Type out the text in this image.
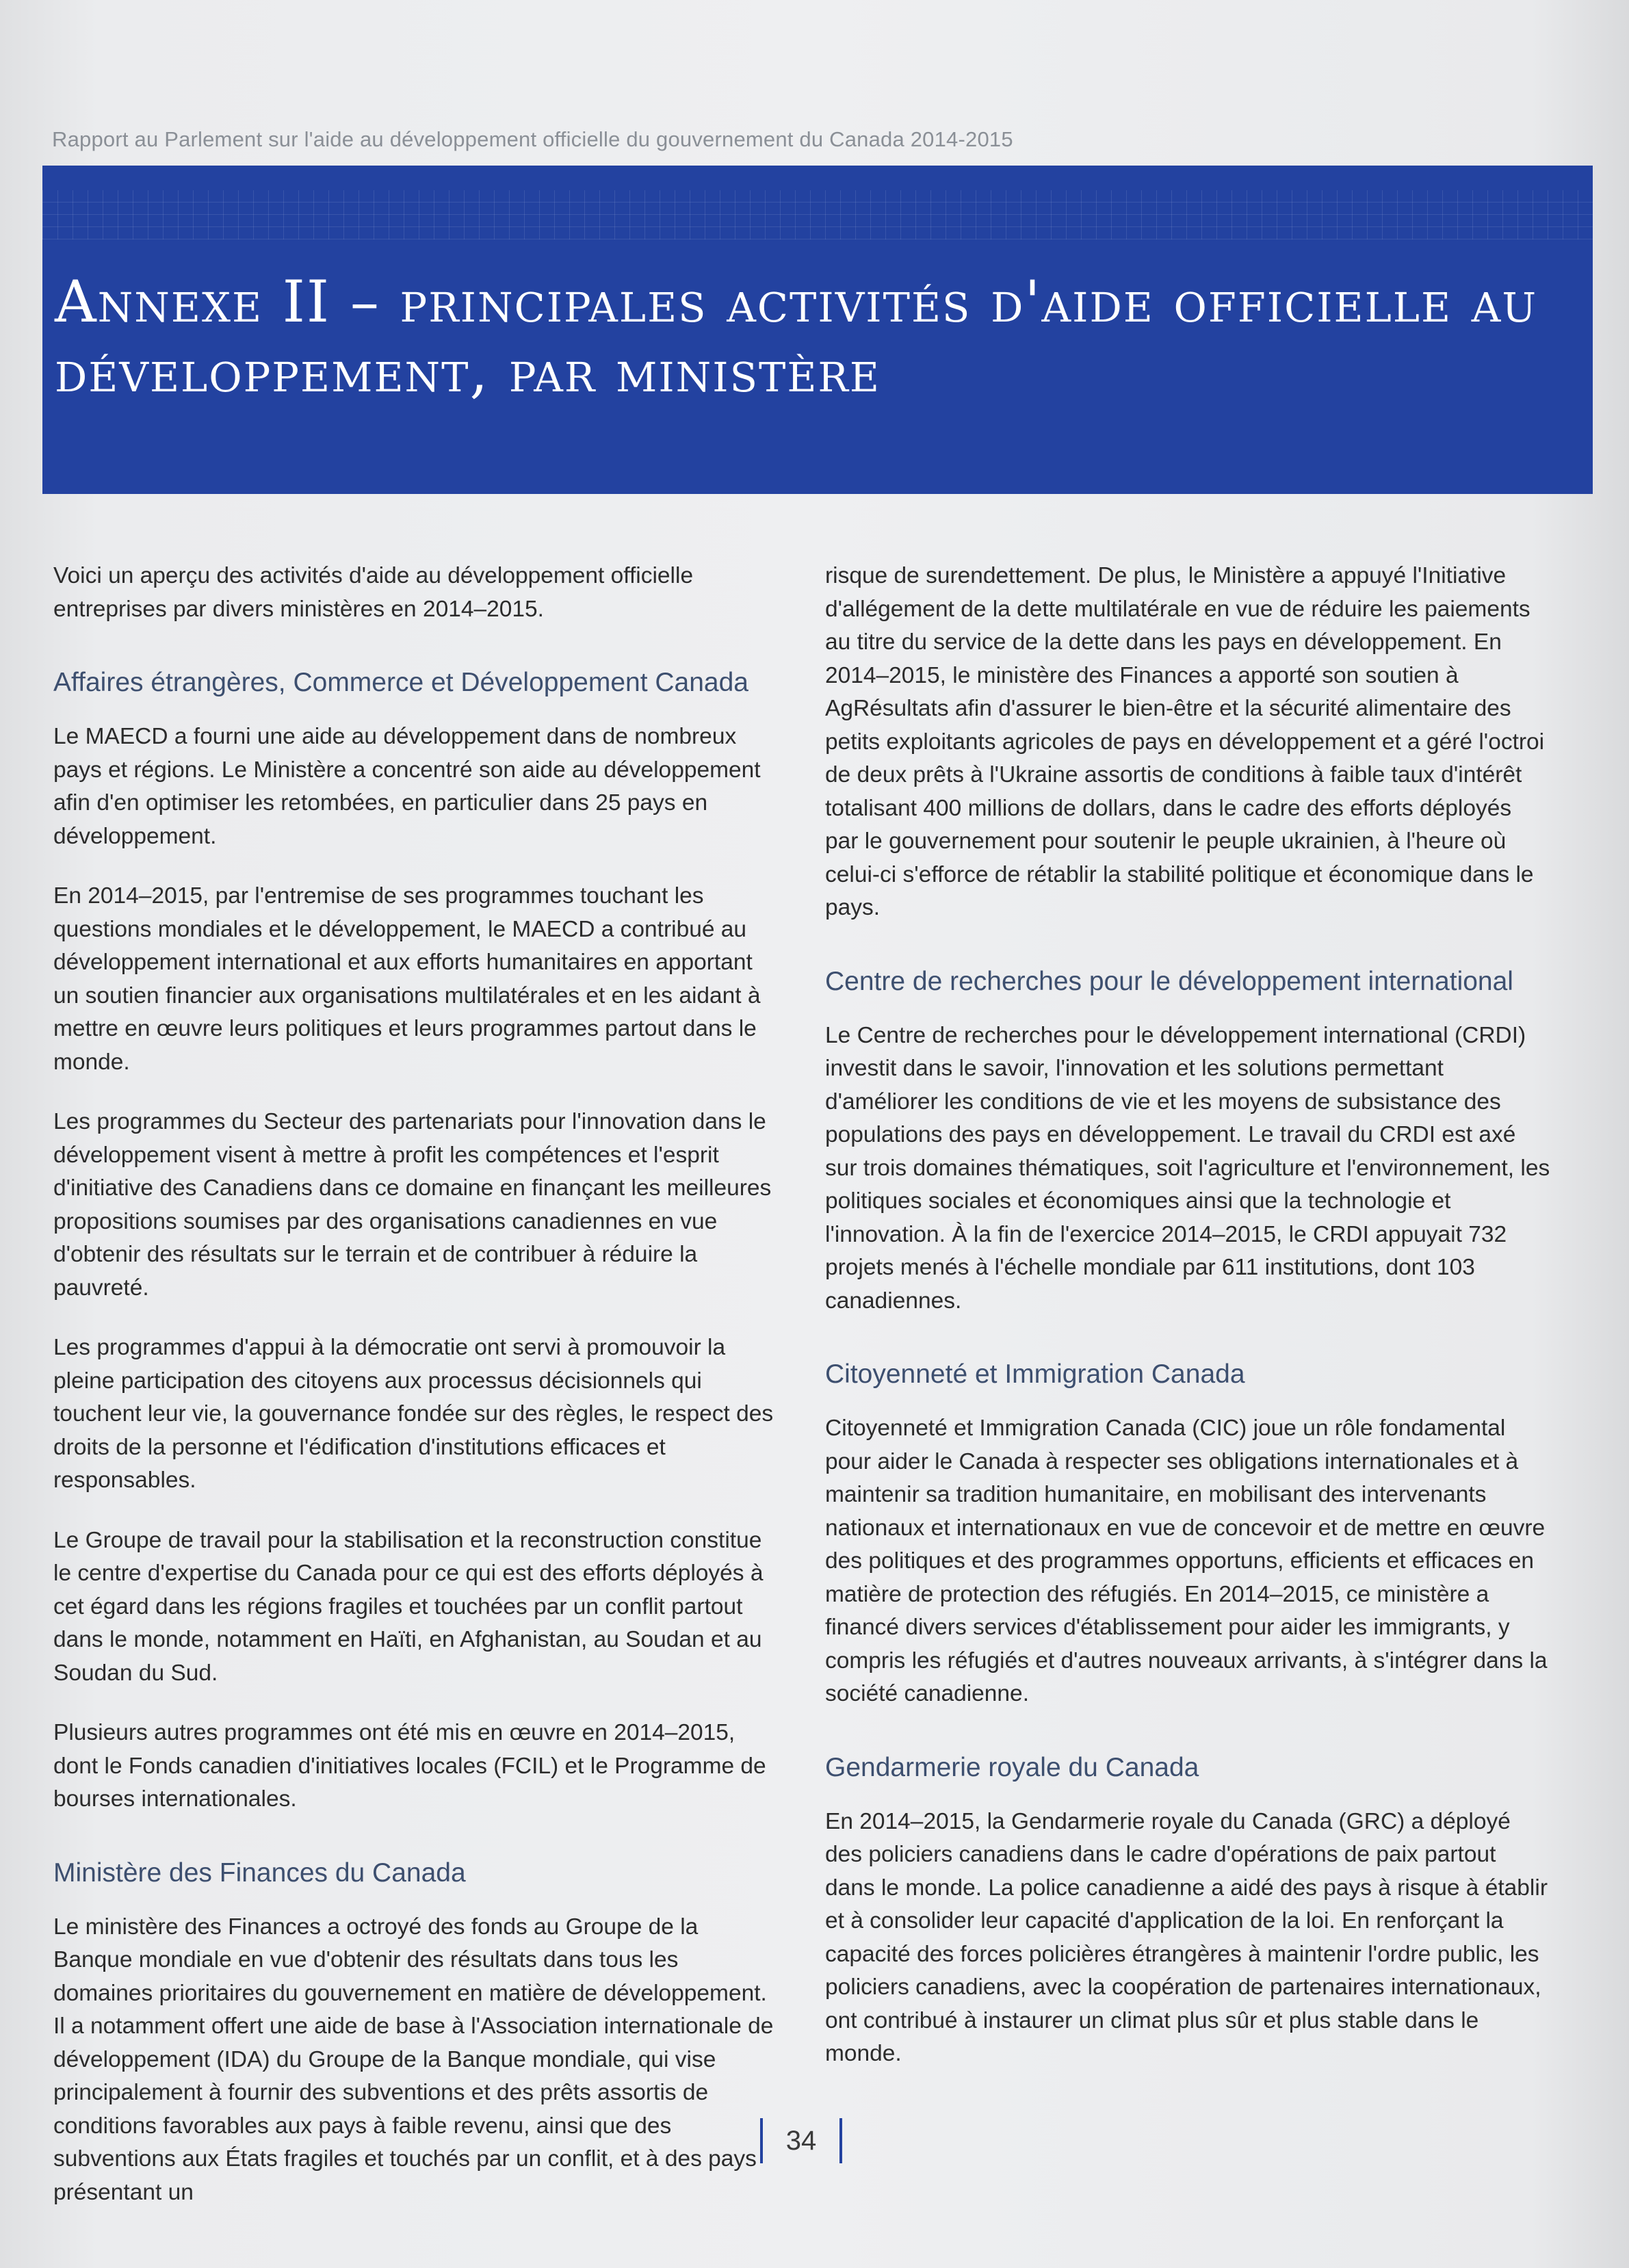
Rapport au Parlement sur l'aide au développement officielle du gouvernement du Canada 2014-2015
Annexe II – principales activités d'aide officielle au développement, par ministère

Voici un aperçu des activités d'aide au développement officielle entreprises par divers ministères en 2014–2015.

Affaires étrangères, Commerce et Développement Canada

Le MAECD a fourni une aide au développement dans de nombreux pays et régions. Le Ministère a concentré son aide au développement afin d'en optimiser les retombées, en particulier dans 25 pays en développement.

En 2014–2015, par l'entremise de ses programmes touchant les questions mondiales et le développement, le MAECD a contribué au développement international et aux efforts humanitaires en apportant un soutien financier aux organisations multilatérales et en les aidant à mettre en œuvre leurs politiques et leurs programmes partout dans le monde.

Les programmes du Secteur des partenariats pour l'innovation dans le développement visent à mettre à profit les compétences et l'esprit d'initiative des Canadiens dans ce domaine en finançant les meilleures propositions soumises par des organisations canadiennes en vue d'obtenir des résultats sur le terrain et de contribuer à réduire la pauvreté.

Les programmes d'appui à la démocratie ont servi à promouvoir la pleine participation des citoyens aux processus décisionnels qui touchent leur vie, la gouvernance fondée sur des règles, le respect des droits de la personne et l'édification d'institutions efficaces et responsables.

Le Groupe de travail pour la stabilisation et la reconstruction constitue le centre d'expertise du Canada pour ce qui est des efforts déployés à cet égard dans les régions fragiles et touchées par un conflit partout dans le monde, notamment en Haïti, en Afghanistan, au Soudan et au Soudan du Sud.

Plusieurs autres programmes ont été mis en œuvre en 2014–2015, dont le Fonds canadien d'initiatives locales (FCIL) et le Programme de bourses internationales.

Ministère des Finances du Canada

Le ministère des Finances a octroyé des fonds au Groupe de la Banque mondiale en vue d'obtenir des résultats dans tous les domaines prioritaires du gouvernement en matière de développement. Il a notamment offert une aide de base à l'Association internationale de développement (IDA) du Groupe de la Banque mondiale, qui vise principalement à fournir des subventions et des prêts assortis de conditions favorables aux pays à faible revenu, ainsi que des subventions aux États fragiles et touchés par un conflit, et à des pays présentant un

risque de surendettement. De plus, le Ministère a appuyé l'Initiative d'allégement de la dette multilatérale en vue de réduire les paiements au titre du service de la dette dans les pays en développement. En 2014–2015, le ministère des Finances a apporté son soutien à AgRésultats afin d'assurer le bien-être et la sécurité alimentaire des petits exploitants agricoles de pays en développement et a géré l'octroi de deux prêts à l'Ukraine assortis de conditions à faible taux d'intérêt totalisant 400 millions de dollars, dans le cadre des efforts déployés par le gouvernement pour soutenir le peuple ukrainien, à l'heure où celui-ci s'efforce de rétablir la stabilité politique et économique dans le pays.

Centre de recherches pour le développement international

Le Centre de recherches pour le développement international (CRDI) investit dans le savoir, l'innovation et les solutions permettant d'améliorer les conditions de vie et les moyens de subsistance des populations des pays en développement. Le travail du CRDI est axé sur trois domaines thématiques, soit l'agriculture et l'environnement, les politiques sociales et économiques ainsi que la technologie et l'innovation. À la fin de l'exercice 2014–2015, le CRDI appuyait 732 projets menés à l'échelle mondiale par 611 institutions, dont 103 canadiennes.

Citoyenneté et Immigration Canada

Citoyenneté et Immigration Canada (CIC) joue un rôle fondamental pour aider le Canada à respecter ses obligations internationales et à maintenir sa tradition humanitaire, en mobilisant des intervenants nationaux et internationaux en vue de concevoir et de mettre en œuvre des politiques et des programmes opportuns, efficients et efficaces en matière de protection des réfugiés. En 2014–2015, ce ministère a financé divers services d'établissement pour aider les immigrants, y compris les réfugiés et d'autres nouveaux arrivants, à s'intégrer dans la société canadienne.

Gendarmerie royale du Canada

En 2014–2015, la Gendarmerie royale du Canada (GRC) a déployé des policiers canadiens dans le cadre d'opérations de paix partout dans le monde. La police canadienne a aidé des pays à risque à établir et à consolider leur capacité d'application de la loi. En renforçant la capacité des forces policières étrangères à maintenir l'ordre public, les policiers canadiens, avec la coopération de partenaires internationaux, ont contribué à instaurer un climat plus sûr et plus stable dans le monde.

34
